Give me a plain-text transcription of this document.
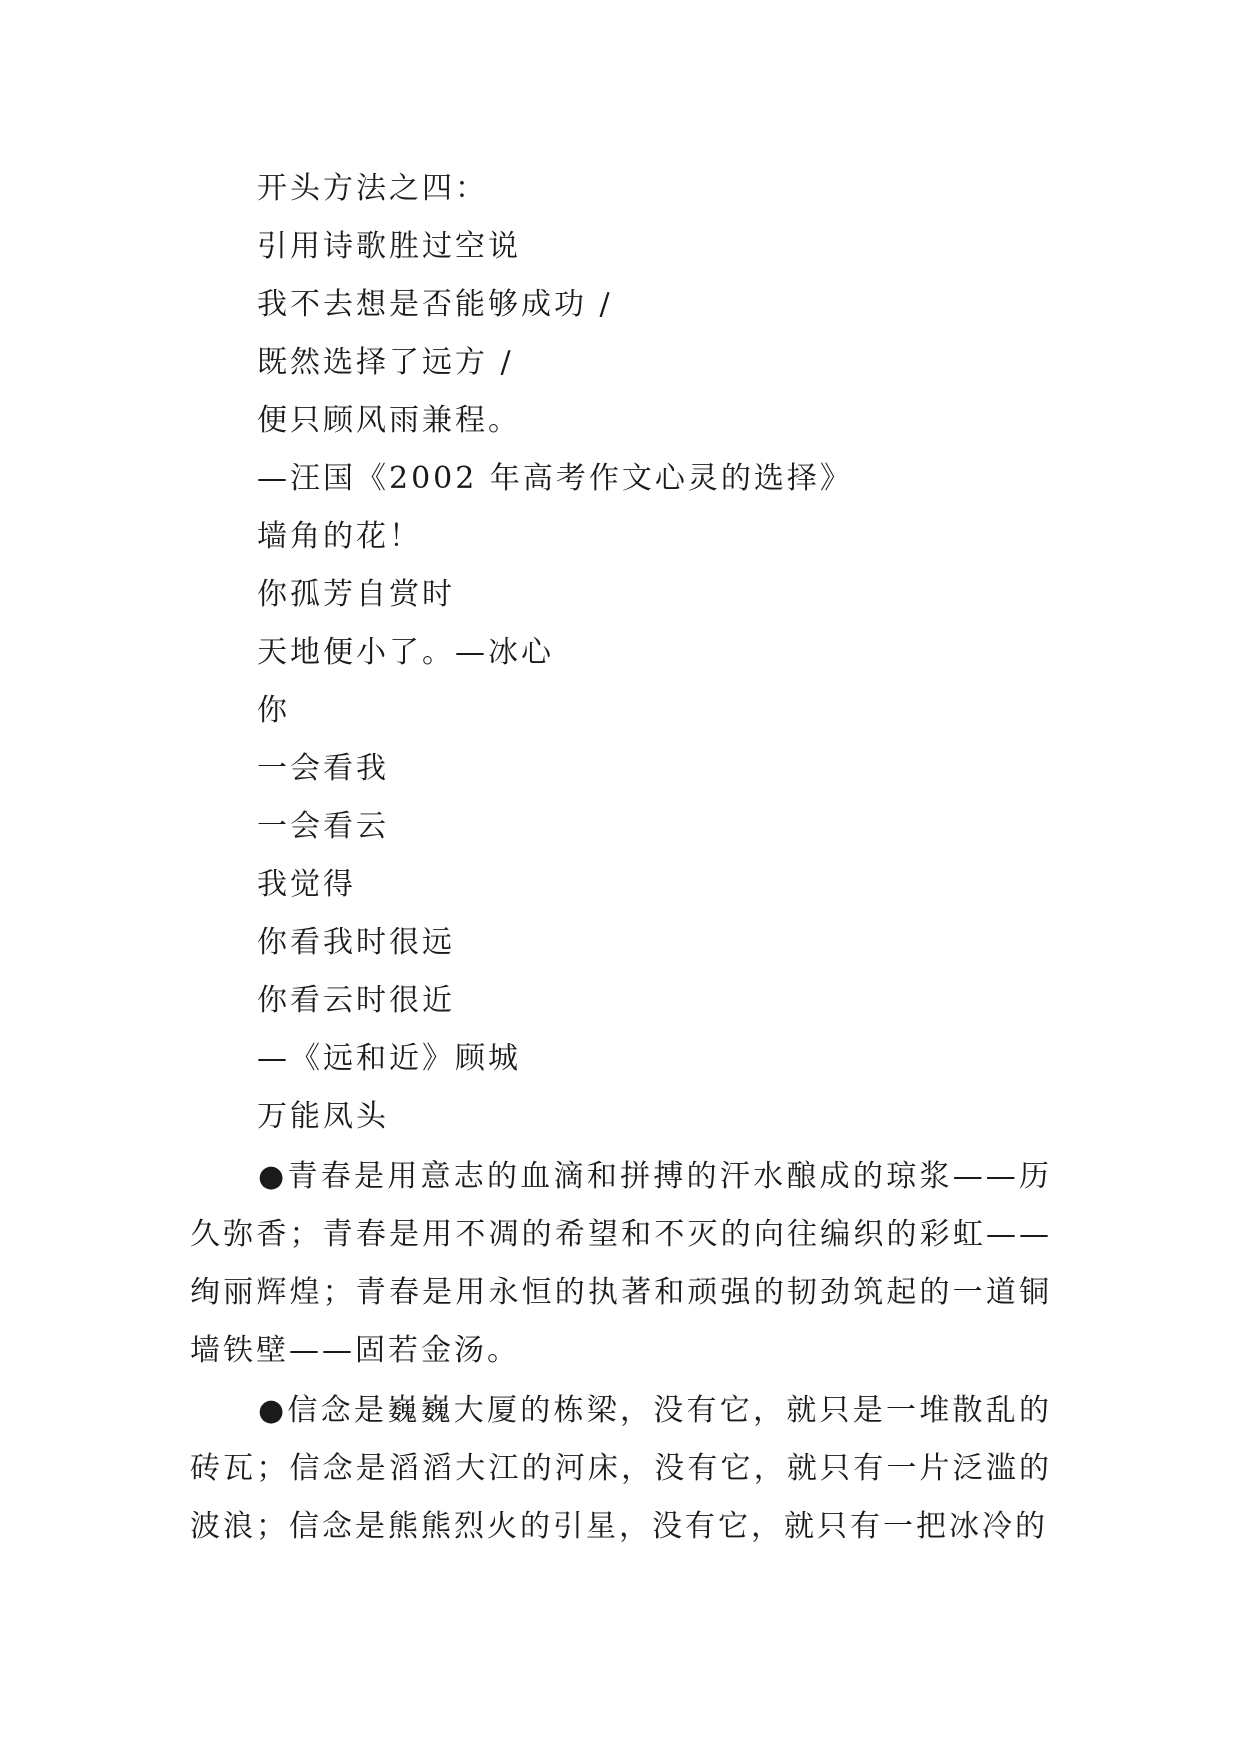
开头方法之四：
引用诗歌胜过空说
我不去想是否能够成功 /
既然选择了远方 /
便只顾风雨兼程。
—汪国《2002 年高考作文心灵的选择》
墙角的花！
你孤芳自赏时
天地便小了。—冰心
你
一会看我
一会看云
我觉得
你看我时很远
你看云时很近
—《远和近》顾城
万能凤头

●青春是用意志的血滴和拼搏的汗水酿成的琼浆——历久弥香；青春是用不凋的希望和不灭的向往编织的彩虹——绚丽辉煌；青春是用永恒的执著和顽强的韧劲筑起的一道铜墙铁壁——固若金汤。

●信念是巍巍大厦的栋梁，没有它，就只是一堆散乱的砖瓦；信念是滔滔大江的河床，没有它，就只有一片泛滥的波浪；信念是熊熊烈火的引星，没有它，就只有一把冰冷的
